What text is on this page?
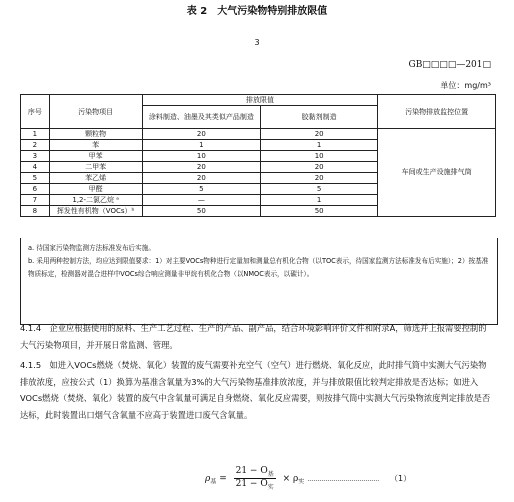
表 2　大气污染物特别排放限值
3
GB□□□□—201□
单位：mg/m³
序号	污染物项目	排放限值		污染物排放监控位置
		涂料制造、油墨及其类似产品制造	胶黏剂制造	
1	颗粒物	20	20	车间或生产设施排气筒
2	苯	1	1	
3	甲苯	10	10	
4	二甲苯	20	20	
5	苯乙烯	20	20	
6	甲醛	5	5	
7	1,2-二氯乙烷 ᵃ	—	1	
8	挥发性有机物（VOCs）ᵇ	50	50	

a. 待国家污染物监测方法标准发布后实施。

b. 采用两种控制方法，均应达到限值要求：1）对主要VOCs物种进行定量加和测量总有机化合物（以TOC表示，待国家监测方法标准发布后实施）；2）按基准物质标定，检测器对混合进样中VOCs综合响应测量非甲烷有机化合物（以NMOC表示，以碳计）。

4.1.4　企业应根据使用的原料、生产工艺过程、生产的产品、副产品，结合环境影响评价文件和附录A，筛选并上报需要控制的大气污染物项目，并开展日常监测、管理。
4.1.5　如进入VOCs燃烧（焚烧、氧化）装置的废气需要补充空气（空气）进行燃烧、氧化反应，此时排气筒中实测大气污染物排放浓度，应按公式（1）换算为基准含氧量为3%的大气污染物基准排放浓度，并与排放限值比较判定排放是否达标；如进入VOCs燃烧（焚烧、氧化）装置的废气中含氧量可满足自身燃烧、氧化反应需要，则按排气筒中实测大气污染物浓度判定排放是否达标，此时装置出口烟气含氧量不应高于装置进口废气含氧量。
$\rho_基 = \frac{21 - O_基}{21 - O_实} \times \rho_实$ ……………………………… （1）
